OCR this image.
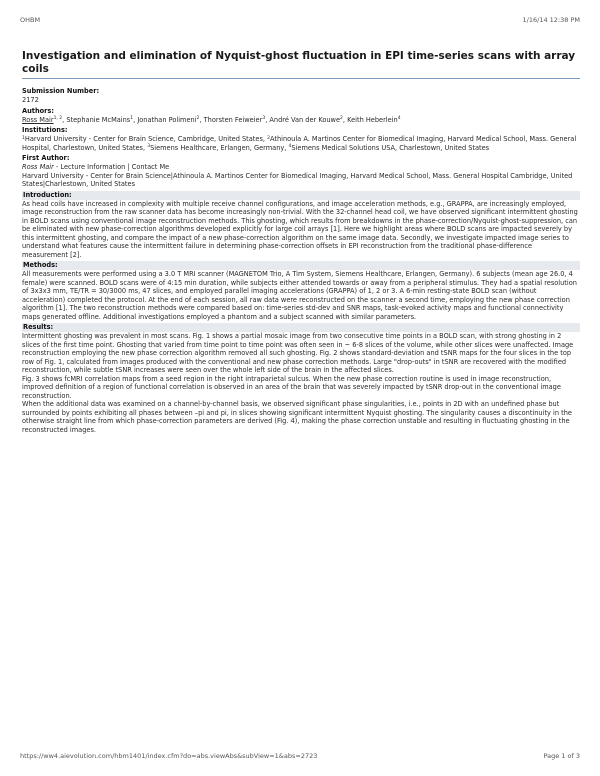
OHBM	1/16/14 12:38 PM
Investigation and elimination of Nyquist-ghost fluctuation in EPI time-series scans with array coils
Submission Number:
2172
Authors:
Ross Mair$^{1, 2}$, Stephanie McMains$^1$, Jonathan Polimeni$^2$, Thorsten Feiweier$^3$, André Van der Kouwe$^2$, Keith Heberlein$^4$
Institutions:
$^1$Harvard University - Center for Brain Science, Cambridge, United States, $^2$Athinoula A. Martinos Center for Biomedical Imaging, Harvard Medical School, Mass. General Hospital, Charlestown, United States, $^3$Siemens Healthcare, Erlangen, Germany, $^4$Siemens Medical Solutions USA, Charlestown, United States
First Author:
Ross Mair - Lecture Information | Contact Me
Harvard University - Center for Brain Science|Athinoula A. Martinos Center for Biomedical Imaging, Harvard Medical School, Mass. General Hospital Cambridge, United States|Charlestown, United States
Introduction:
As head coils have increased in complexity with multiple receive channel configurations, and image acceleration methods, e.g., GRAPPA, are increasingly employed, image reconstruction from the raw scanner data has become increasingly non-trivial. With the 32-channel head coil, we have observed significant intermittent ghosting in BOLD scans using conventional image reconstruction methods. This ghosting, which results from breakdowns in the phase-correction/Nyquist-ghost-suppression, can be eliminated with new phase-correction algorithms developed explicitly for large coil arrays [1]. Here we highlight areas where BOLD scans are impacted severely by this intermittent ghosting, and compare the impact of a new phase-correction algorithm on the same image data. Secondly, we investigate impacted image series to understand what features cause the intermittent failure in determining phase-correction offsets in EPI reconstruction from the traditional phase-difference measurement [2].
Methods:
All measurements were performed using a 3.0 T MRI scanner (MAGNETOM Trio, A Tim System, Siemens Healthcare, Erlangen, Germany). 6 subjects (mean age 26.0, 4 female) were scanned. BOLD scans were of 4:15 min duration, while subjects either attended towards or away from a peripheral stimulus. They had a spatial resolution of 3x3x3 mm, TE/TR = 30/3000 ms, 47 slices, and employed parallel imaging accelerations (GRAPPA) of 1, 2 or 3. A 6-min resting-state BOLD scan (without acceleration) completed the protocol. At the end of each session, all raw data were reconstructed on the scanner a second time, employing the new phase correction algorithm [1]. The two reconstruction methods were compared based on: time-series std-dev and SNR maps, task-evoked activity maps and functional connectivity maps generated offline. Additional investigations employed a phantom and a subject scanned with similar parameters.
Results:
Intermittent ghosting was prevalent in most scans. Fig. 1 shows a partial mosaic image from two consecutive time points in a BOLD scan, with strong ghosting in 2 slices of the first time point. Ghosting that varied from time point to time point was often seen in ~ 6-8 slices of the volume, while other slices were unaffected. Image reconstruction employing the new phase correction algorithm removed all such ghosting. Fig. 2 shows standard-deviation and tSNR maps for the four slices in the top row of Fig. 1, calculated from images produced with the conventional and new phase correction methods. Large "drop-outs" in tSNR are recovered with the modified reconstruction, while subtle tSNR increases were seen over the whole left side of the brain in the affected slices.
Fig. 3 shows fcMRI correlation maps from a seed region in the right intraparietal sulcus. When the new phase correction routine is used in image reconstruction, improved definition of a region of functional correlation is observed in an area of the brain that was severely impacted by tSNR drop-out in the conventional image reconstruction.
When the additional data was examined on a channel-by-channel basis, we observed significant phase singularities, i.e., points in 2D with an undefined phase but surrounded by points exhibiting all phases between –pi and pi, in slices showing significant intermittent Nyquist ghosting. The singularity causes a discontinuity in the otherwise straight line from which phase-correction parameters are derived (Fig. 4), making the phase correction unstable and resulting in fluctuating ghosting in the reconstructed images.
https://ww4.aievolution.com/hbm1401/index.cfm?do=abs.viewAbs&subView=1&abs=2723	Page 1 of 3
